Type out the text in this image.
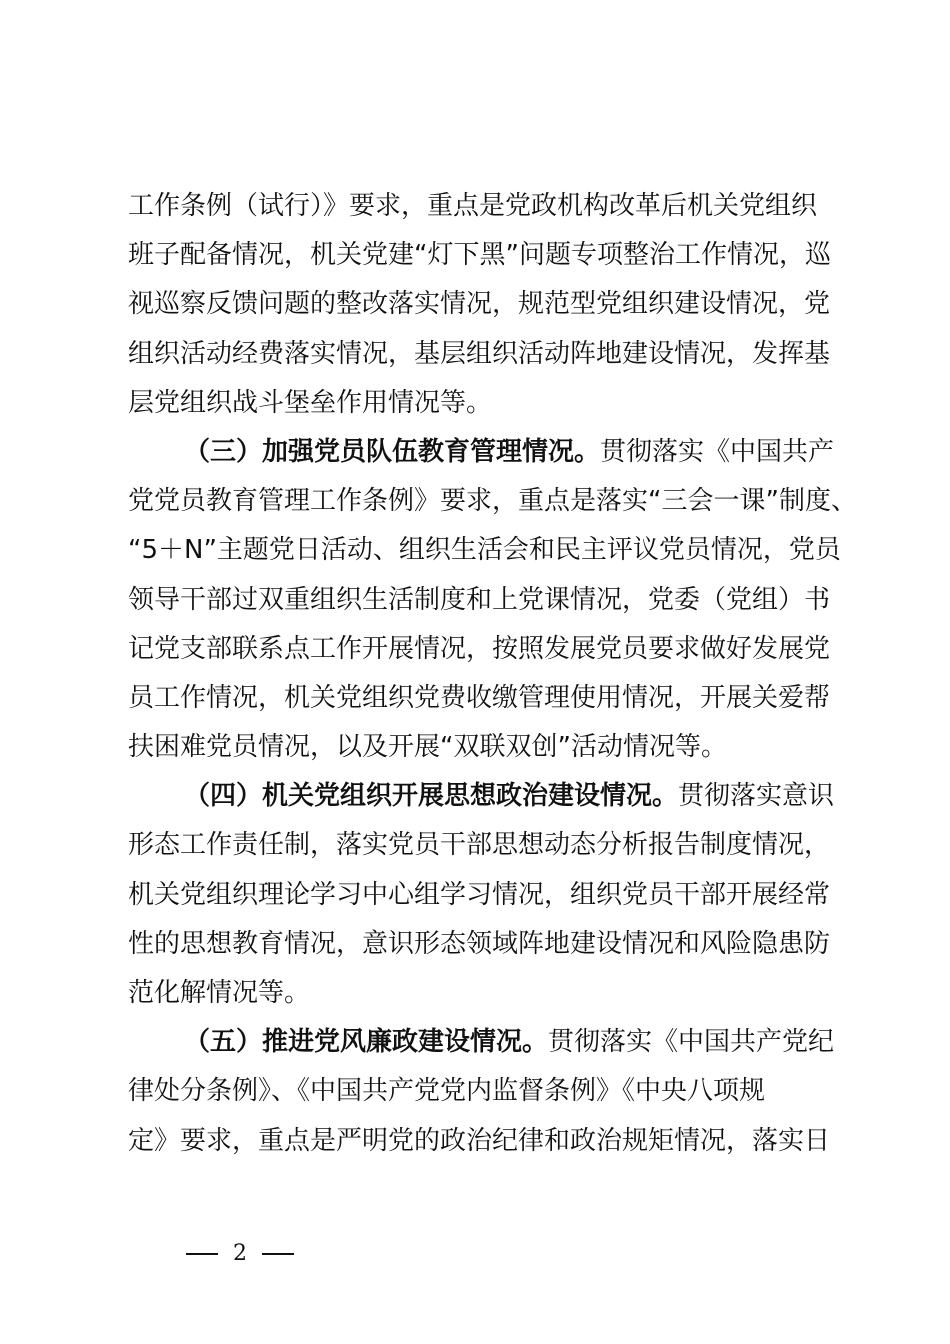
工作条例（试行）》要求，重点是党政机构改革后机关党组织
班子配备情况，机关党建“灯下黑”问题专项整治工作情况，巡
视巡察反馈问题的整改落实情况，规范型党组织建设情况，党
组织活动经费落实情况，基层组织活动阵地建设情况，发挥基
层党组织战斗堡垒作用情况等。
（三）加强党员队伍教育管理情况。贯彻落实《中国共产
党党员教育管理工作条例》要求，重点是落实“三会一课”制度、
“5＋N”主题党日活动、组织生活会和民主评议党员情况，党员
领导干部过双重组织生活制度和上党课情况，党委（党组）书
记党支部联系点工作开展情况，按照发展党员要求做好发展党
员工作情况，机关党组织党费收缴管理使用情况，开展关爱帮
扶困难党员情况，以及开展“双联双创”活动情况等。
（四）机关党组织开展思想政治建设情况。贯彻落实意识
形态工作责任制，落实党员干部思想动态分析报告制度情况，
机关党组织理论学习中心组学习情况，组织党员干部开展经常
性的思想教育情况，意识形态领域阵地建设情况和风险隐患防
范化解情况等。
（五）推进党风廉政建设情况。贯彻落实《中国共产党纪
律处分条例》、《中国共产党党内监督条例》《中央八项规
定》要求，重点是严明党的政治纪律和政治规矩情况，落实日
2
